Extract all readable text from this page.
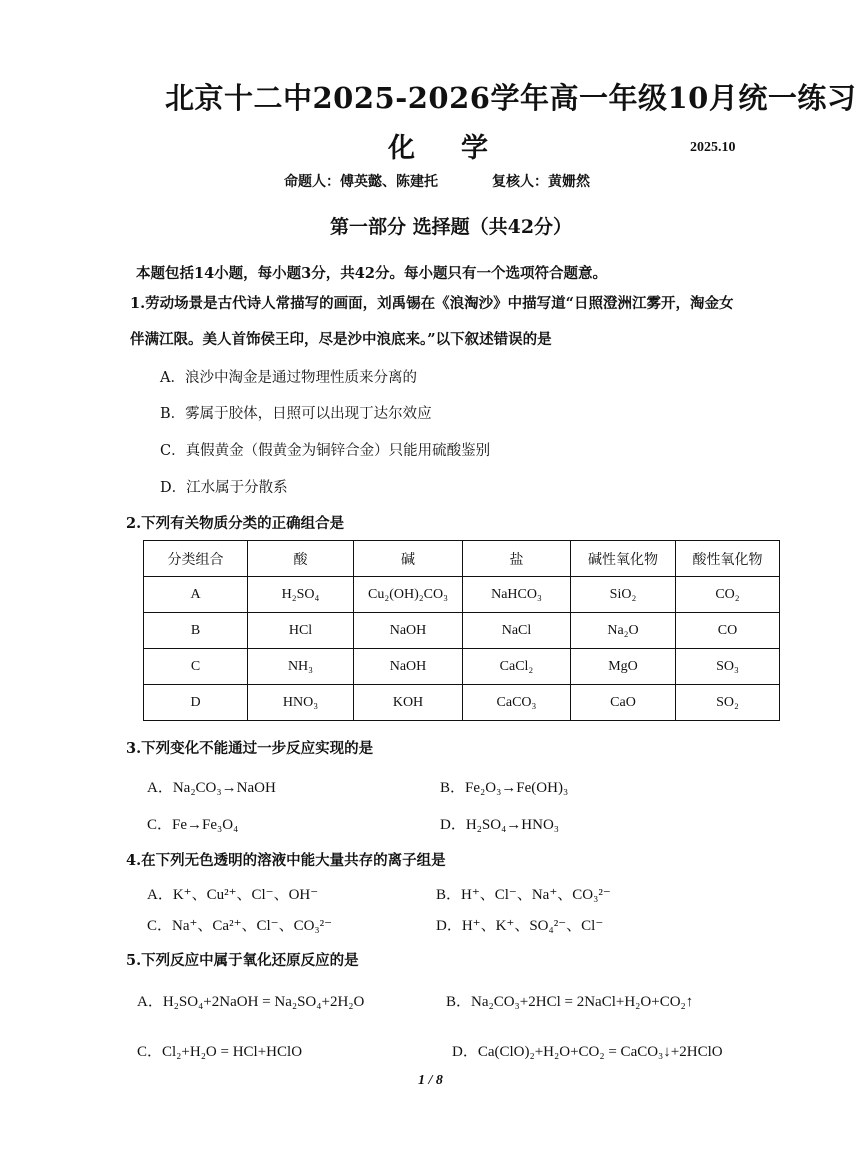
北京十二中2025-2026学年高一年级10月统一练习
化学	2025.10
命题人：傅英懿、陈建托	复核人：黄姗然
第一部分 选择题（共42分）
本题包括14小题，每小题3分，共42分。每小题只有一个选项符合题意。
1.劳动场景是古代诗人常描写的画面，刘禹锡在《浪淘沙》中描写道“日照澄洲江雾开，淘金女
伴满江限。美人首饰侯王印，尽是沙中浪底来。”以下叙述错误的是
A．浪沙中淘金是通过物理性质来分离的
B．雾属于胶体，日照可以出现丁达尔效应
C．真假黄金（假黄金为铜锌合金）只能用硫酸鉴别
D．江水属于分散系
2.下列有关物质分类的正确组合是
分类组合	酸	碱	盐	碱性氧化物	酸性氧化物
A	H₂SO₄	Cu₂(OH)₂CO₃	NaHCO₃	SiO₂	CO₂
B	HCl	NaOH	NaCl	Na₂O	CO
C	NH₃	NaOH	CaCl₂	MgO	SO₃
D	HNO₃	KOH	CaCO₃	CaO	SO₂
3.下列变化不能通过一步反应实现的是
A．Na₂CO₃→NaOH	B．Fe₂O₃→Fe(OH)₃
C．Fe→Fe₃O₄	D．H₂SO₄→HNO₃
4.在下列无色透明的溶液中能大量共存的离子组是
A．K⁺、Cu²⁺、Cl⁻、OH⁻	B．H⁺、Cl⁻、Na⁺、CO₃²⁻
C．Na⁺、Ca²⁺、Cl⁻、CO₃²⁻	D．H⁺、K⁺、SO₄²⁻、Cl⁻
5.下列反应中属于氧化还原反应的是
A．H₂SO₄+2NaOH = Na₂SO₄+2H₂O	B．Na₂CO₃+2HCl = 2NaCl+H₂O+CO₂↑
C．Cl₂+H₂O = HCl+HClO	D．Ca(ClO)₂+H₂O+CO₂ = CaCO₃↓+2HClO
1 / 8
